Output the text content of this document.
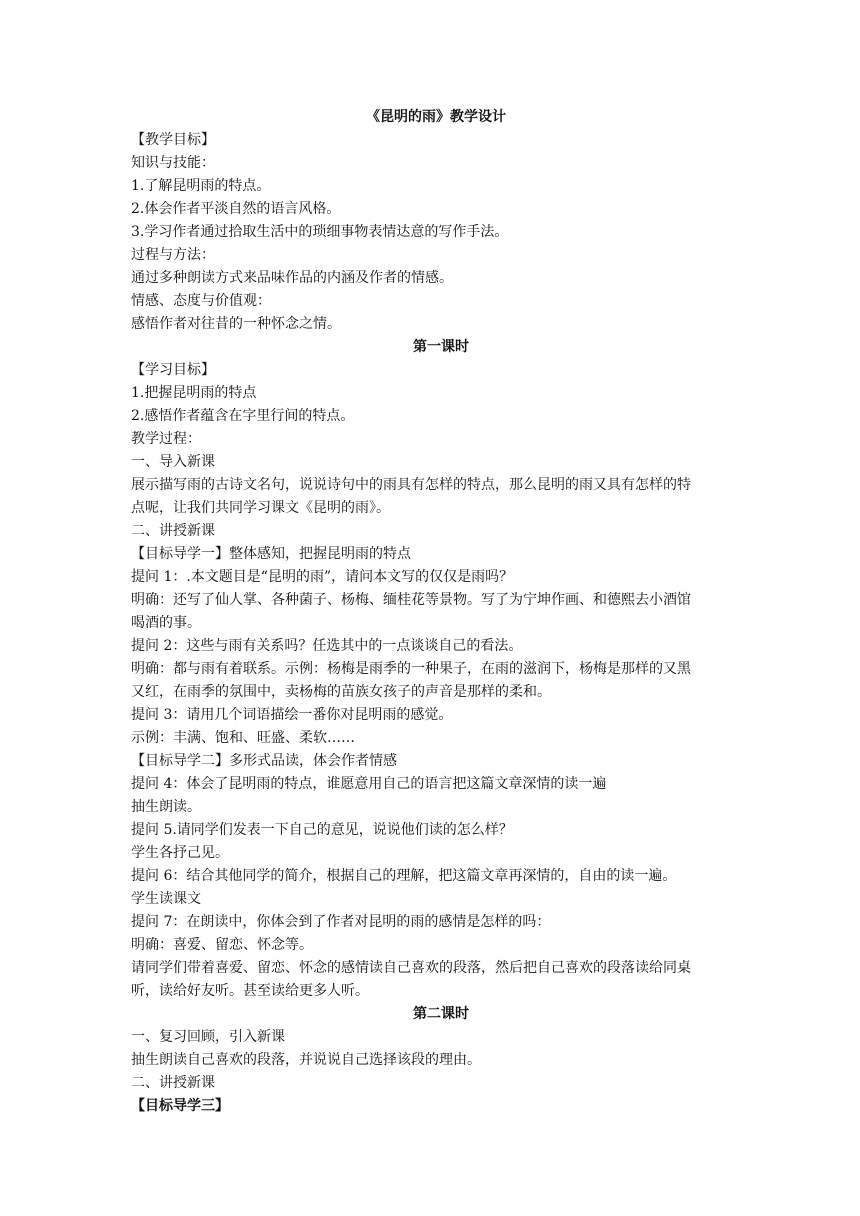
《昆明的雨》教学设计
【教学目标】
知识与技能：
1.了解昆明雨的特点。
2.体会作者平淡自然的语言风格。
3.学习作者通过拾取生活中的琐细事物表情达意的写作手法。
过程与方法：
通过多种朗读方式来品味作品的内涵及作者的情感。
情感、态度与价值观：
感悟作者对往昔的一种怀念之情。
第一课时
【学习目标】
1.把握昆明雨的特点
2.感悟作者蕴含在字里行间的特点。
教学过程：
一、导入新课
展示描写雨的古诗文名句，说说诗句中的雨具有怎样的特点，那么昆明的雨又具有怎样的特
点呢，让我们共同学习课文《昆明的雨》。
二、讲授新课
【目标导学一】整体感知，把握昆明雨的特点
提问 1：.本文题目是“昆明的雨”，请问本文写的仅仅是雨吗？
明确：还写了仙人掌、各种菌子、杨梅、缅桂花等景物。写了为宁坤作画、和德熙去小酒馆
喝酒的事。
提问 2：这些与雨有关系吗？任选其中的一点谈谈自己的看法。
明确：都与雨有着联系。示例：杨梅是雨季的一种果子，在雨的滋润下，杨梅是那样的又黑
又红，在雨季的氛围中，卖杨梅的苗族女孩子的声音是那样的柔和。
提问 3：请用几个词语描绘一番你对昆明雨的感觉。
示例：丰满、饱和、旺盛、柔软……
【目标导学二】多形式品读，体会作者情感
提问 4：体会了昆明雨的特点，谁愿意用自己的语言把这篇文章深情的读一遍
抽生朗读。
提问 5.请同学们发表一下自己的意见，说说他们读的怎么样？
学生各抒己见。
提问 6：结合其他同学的简介，根据自己的理解，把这篇文章再深情的，自由的读一遍。
学生读课文
提问 7：在朗读中，你体会到了作者对昆明的雨的感情是怎样的吗：
明确：喜爱、留恋、怀念等。
请同学们带着喜爱、留恋、怀念的感情读自己喜欢的段落，然后把自己喜欢的段落读给同桌
听，读给好友听。甚至读给更多人听。
第二课时
一、复习回顾，引入新课
抽生朗读自己喜欢的段落，并说说自己选择该段的理由。
二、讲授新课
【目标导学三】
